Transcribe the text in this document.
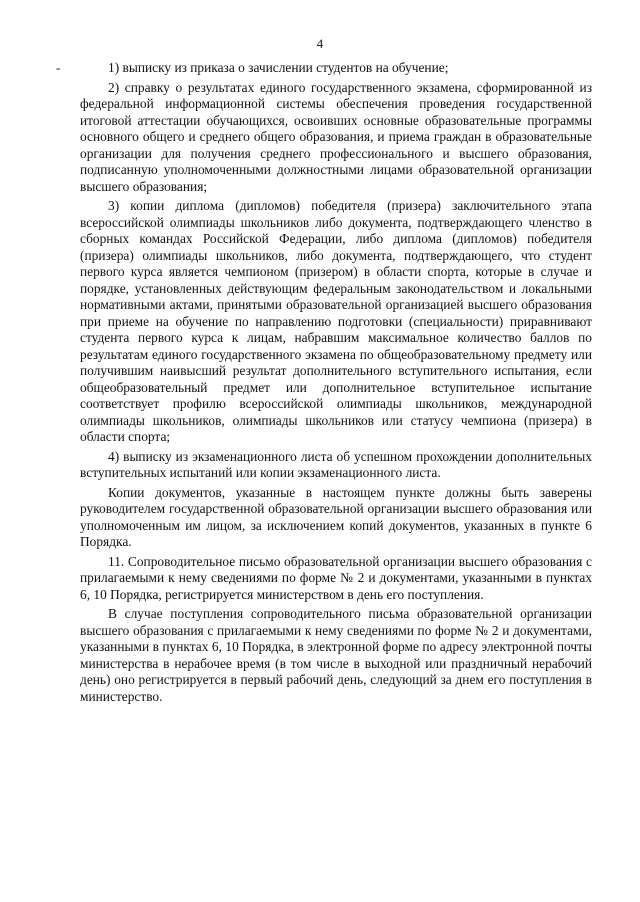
4
-	1) выписку из приказа о зачислении студентов на обучение;

2) справку о результатах единого государственного экзамена, сформированной из федеральной информационной системы обеспечения проведения государственной итоговой аттестации обучающихся, освоивших основные образовательные программы основного общего и среднего общего образования, и приема граждан в образовательные организации для получения среднего профессионального и высшего образования, подписанную уполномоченными должностными лицами образовательной организации высшего образования;

3) копии диплома (дипломов) победителя (призера) заключительного этапа всероссийской олимпиады школьников либо документа, подтверждающего членство в сборных командах Российской Федерации, либо диплома (дипломов) победителя (призера) олимпиады школьников, либо документа, подтверждающего, что студент первого курса является чемпионом (призером) в области спорта, которые в случае и порядке, установленных действующим федеральным законодательством и локальными нормативными актами, принятыми образовательной организацией высшего образования при приеме на обучение по направлению подготовки (специальности) приравнивают студента первого курса к лицам, набравшим максимальное количество баллов по результатам единого государственного экзамена по общеобразовательному предмету или получившим наивысший результат дополнительного вступительного испытания, если общеобразовательный предмет или дополнительное вступительное испытание соответствует профилю всероссийской олимпиады школьников, международной олимпиады школьников, олимпиады школьников или статусу чемпиона (призера) в области спорта;

4) выписку из экзаменационного листа об успешном прохождении дополнительных вступительных испытаний или копии экзаменационного листа.

Копии документов, указанные в настоящем пункте должны быть заверены руководителем государственной образовательной организации высшего образования или уполномоченным им лицом, за исключением копий документов, указанных в пункте 6 Порядка.

11. Сопроводительное письмо образовательной организации высшего образования с прилагаемыми к нему сведениями по форме № 2 и документами, указанными в пунктах 6, 10 Порядка, регистрируется министерством в день его поступления.

В случае поступления сопроводительного письма образовательной организации высшего образования с прилагаемыми к нему сведениями по форме № 2 и документами, указанными в пунктах 6, 10 Порядка, в электронной форме по адресу электронной почты министерства в нерабочее время (в том числе в выходной или праздничный нерабочий день) оно регистрируется в первый рабочий день, следующий за днем его поступления в министерство.
